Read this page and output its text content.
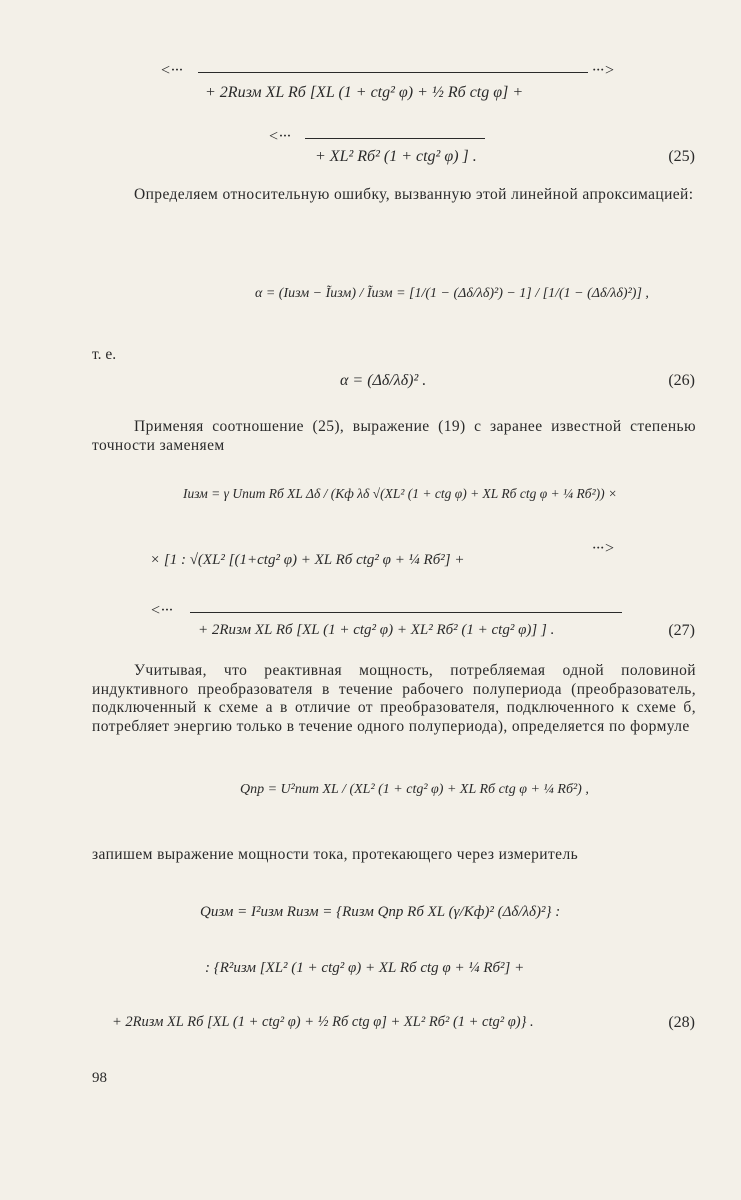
<···	···>
+ 2Rизм XL Rб [XL (1 + ctg² φ) + ½ Rб ctg φ] +
<···
+ XL² Rб² (1 + ctg² φ) ] .	(25)
Определяем относительную ошибку, вызванную этой линейной апроксимацией:
α = (Iизм − Ĩизм) / Ĩизм = [1/(1 − (Δδ/λδ)²) − 1] / [1/(1 − (Δδ/λδ)²)] ,
т. е.
α = (Δδ/λδ)² .	(26)
Применяя соотношение (25), выражение (19) с заранее известной степенью точности заменяем
Iизм = γ Uпит Rб XL Δδ / (Kф λδ √(XL² (1 + ctg φ) + XL Rб ctg φ + ¼ Rб²)) ×
× [1 : √(XL² [(1+ctg² φ) + XL Rб ctg² φ + ¼ Rб²] +
···>
<···
+ 2Rизм XL Rб [XL (1 + ctg² φ) + XL² Rб² (1 + ctg² φ)] ] .	(27)
Учитывая, что реактивная мощность, потребляемая одной половиной индуктивного преобразователя в течение рабочего полупериода (преобразователь, подключенный к схеме а в отличие от преобразователя, подключенного к схеме б, потребляет энергию только в течение одного полупериода), определяется по формуле
Qпр = U²пит XL / (XL² (1 + ctg² φ) + XL Rб ctg φ + ¼ Rб²) ,
запишем выражение мощности тока, протекающего через измеритель
Qизм = I²изм Rизм = {Rизм Qпр Rб XL (γ/Kф)² (Δδ/λδ)²} :
: {R²изм [XL² (1 + ctg² φ) + XL Rб ctg φ + ¼ Rб²] +
+ 2Rизм XL Rб [XL (1 + ctg² φ) + ½ Rб ctg φ] + XL² Rб² (1 + ctg² φ)} .	(28)
98
